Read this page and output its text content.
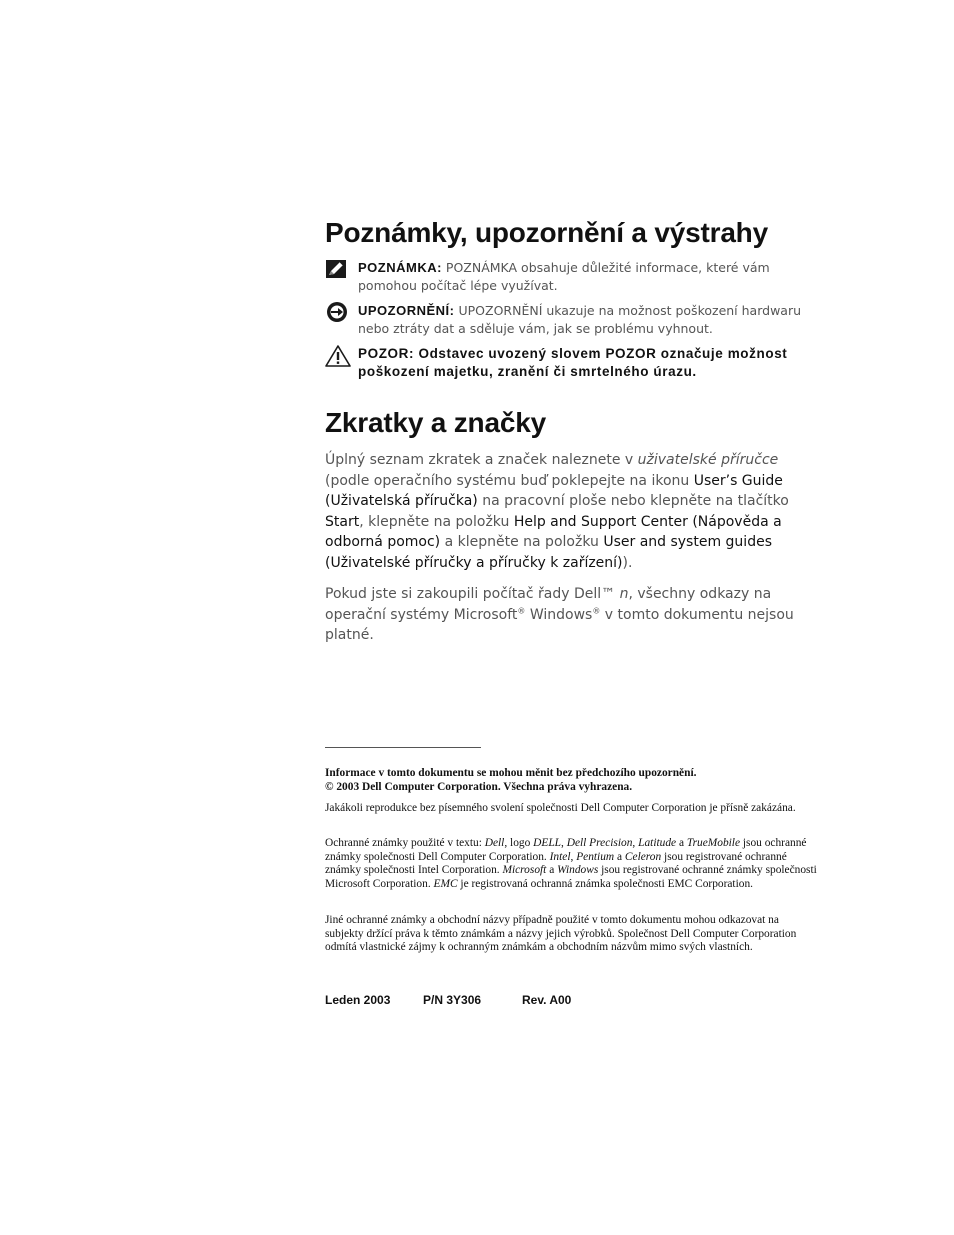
Poznámky, upozornění a výstrahy
POZNÁMKA: POZNÁMKA obsahuje důležité informace, které vám pomohou počítač lépe využívat.
UPOZORNĚNÍ: UPOZORNĚNÍ ukazuje na možnost poškození hardwaru nebo ztráty dat a sděluje vám, jak se problému vyhnout.
POZOR: Odstavec uvozený slovem POZOR označuje možnost poškození majetku, zranění či smrtelného úrazu.
Zkratky a značky

Úplný seznam zkratek a značek naleznete v uživatelské příručce (podle operačního systému buď poklepejte na ikonu User’s Guide (Uživatelská příručka) na pracovní ploše nebo klepněte na tlačítko Start, klepněte na položku Help and Support Center (Nápověda a odborná pomoc) a klepněte na položku User and system guides (Uživatelské příručky a příručky k zařízení)).

Pokud jste si zakoupili počítač řady Dell™ n, všechny odkazy na operační systémy Microsoft® Windows® v tomto dokumentu nejsou platné.

Informace v tomto dokumentu se mohou měnit bez předchozího upozornění.
© 2003 Dell Computer Corporation. Všechna práva vyhrazena.

Jakákoli reprodukce bez písemného svolení společnosti Dell Computer Corporation je přísně zakázána.

Ochranné známky použité v textu: Dell, logo DELL, Dell Precision, Latitude a TrueMobile jsou ochranné známky společnosti Dell Computer Corporation. Intel, Pentium a Celeron jsou registrované ochranné známky společnosti Intel Corporation. Microsoft a Windows jsou registrované ochranné známky společnosti Microsoft Corporation. EMC je registrovaná ochranná známka společnosti EMC Corporation.

Jiné ochranné známky a obchodní názvy případně použité v tomto dokumentu mohou odkazovat na subjekty držící práva k těmto známkám a názvy jejich výrobků. Společnost Dell Computer Corporation odmítá vlastnické zájmy k ochranným známkám a obchodním názvům mimo svých vlastních.

Leden 2003	P/N 3Y306	Rev. A00
